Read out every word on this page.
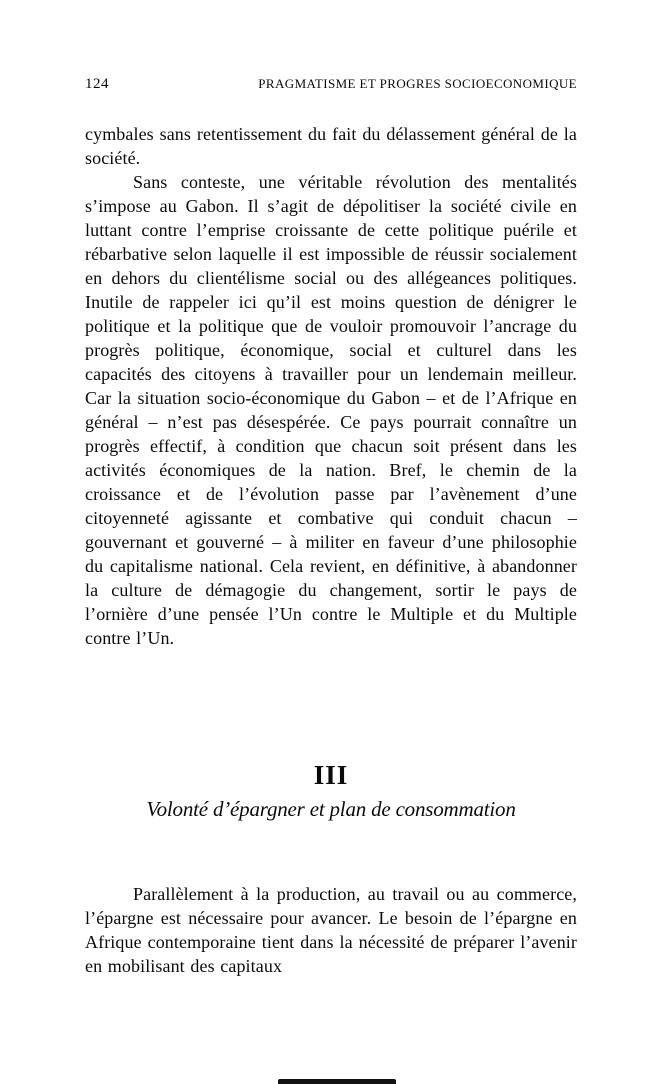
124	PRAGMATISME ET PROGRES SOCIOECONOMIQUE

cymbales sans retentissement du fait du délassement général de la société.

Sans conteste, une véritable révolution des mentalités s’impose au Gabon. Il s’agit de dépolitiser la société civile en luttant contre l’emprise croissante de cette politique puérile et rébarbative selon laquelle il est impossible de réussir socialement en dehors du clientélisme social ou des allégeances politiques. Inutile de rappeler ici qu’il est moins question de dénigrer le politique et la politique que de vouloir promouvoir l’ancrage du progrès politique, économique, social et culturel dans les capacités des citoyens à travailler pour un lendemain meilleur. Car la situation socio-économique du Gabon – et de l’Afrique en général – n’est pas désespérée. Ce pays pourrait connaître un progrès effectif, à condition que chacun soit présent dans les activités économiques de la nation. Bref, le chemin de la croissance et de l’évolution passe par l’avènement d’une citoyenneté agissante et combative qui conduit chacun – gouvernant et gouverné – à militer en faveur d’une philosophie du capitalisme national. Cela revient, en définitive, à abandonner la culture de démagogie du changement, sortir le pays de l’ornière d’une pensée l’Un contre le Multiple et du Multiple contre l’Un.

III
Volonté d’épargner et plan de consommation

Parallèlement à la production, au travail ou au commerce, l’épargne est nécessaire pour avancer. Le besoin de l’épargne en Afrique contemporaine tient dans la nécessité de préparer l’avenir en mobilisant des capitaux
